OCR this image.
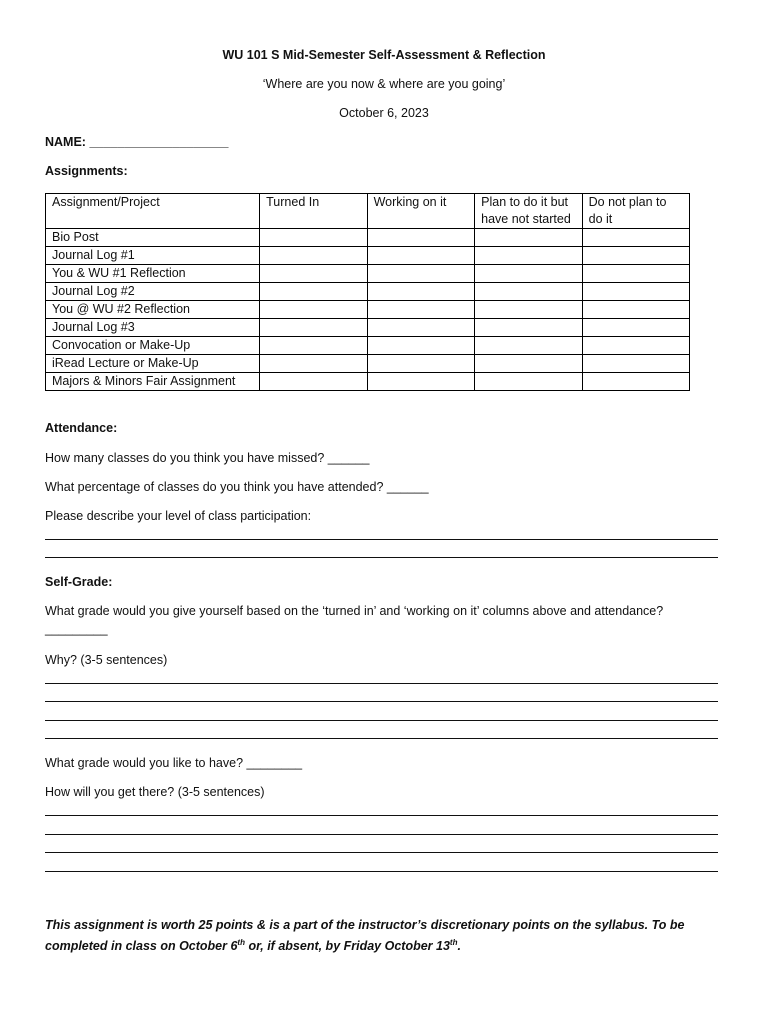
WU 101 S Mid-Semester Self-Assessment & Reflection
‘Where are you now & where are you going’
October 6, 2023
NAME: ____________________
Assignments:
Assignment/Project	Turned In	Working on it	Plan to do it but have not started	Do not plan to do it
Bio Post				
Journal Log #1				
You & WU #1 Reflection				
Journal Log #2				
You @ WU #2 Reflection				
Journal Log #3				
Convocation or Make-Up				
iRead Lecture or Make-Up				
Majors & Minors Fair Assignment				
Attendance:
How many classes do you think you have missed? ______
What percentage of classes do you think you have attended? ______
Please describe your level of class participation:
Self-Grade:
What grade would you give yourself based on the ‘turned in’ and ‘working on it’ columns above and attendance?
_________
Why? (3-5 sentences)
What grade would you like to have? ________
How will you get there? (3-5 sentences)
This assignment is worth 25 points & is a part of the instructor’s discretionary points on the syllabus. To be completed in class on October 6th or, if absent, by Friday October 13th.
